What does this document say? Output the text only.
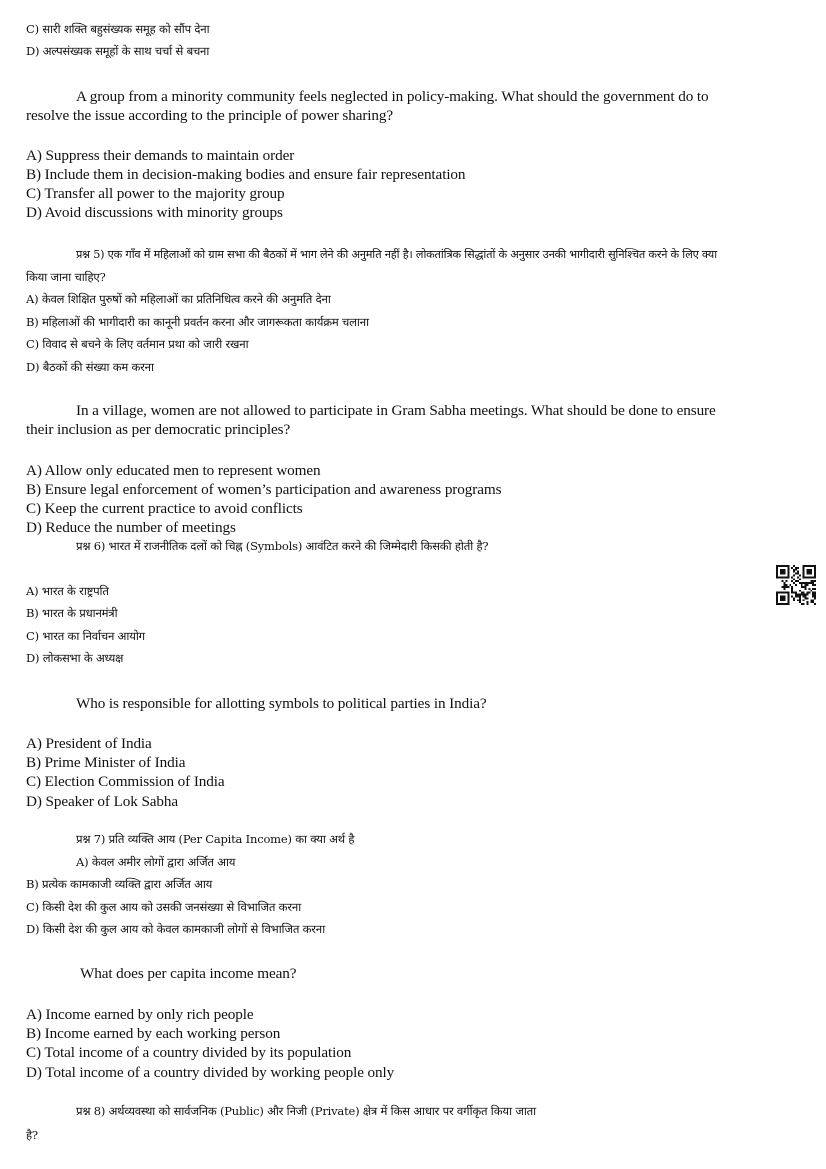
C) सारी शक्ति बहुसंख्यक समूह को सौंप देना
D) अल्पसंख्यक समूहों के साथ चर्चा से बचना
A group from a minority community feels neglected in policy-making. What should the government do to
resolve the issue according to the principle of power sharing?
A) Suppress their demands to maintain order
B) Include them in decision-making bodies and ensure fair representation
C) Transfer all power to the majority group
D) Avoid discussions with minority groups
प्रश्न 5) एक गाँव में महिलाओं को ग्राम सभा की बैठकों में भाग लेने की अनुमति नहीं है। लोकतांत्रिक सिद्धांतों के अनुसार उनकी भागीदारी सुनिश्चित करने के लिए क्या
किया जाना चाहिए?
A) केवल शिक्षित पुरुषों को महिलाओं का प्रतिनिधित्व करने की अनुमति देना
B) महिलाओं की भागीदारी का कानूनी प्रवर्तन करना और जागरूकता कार्यक्रम चलाना
C) विवाद से बचने के लिए वर्तमान प्रथा को जारी रखना
D) बैठकों की संख्या कम करना
In a village, women are not allowed to participate in Gram Sabha meetings. What should be done to ensure
their inclusion as per democratic principles?
A) Allow only educated men to represent women
B) Ensure legal enforcement of women’s participation and awareness programs
C) Keep the current practice to avoid conflicts
D) Reduce the number of meetings
प्रश्न 6) भारत में राजनीतिक दलों को चिह्न (Symbols) आवंटित करने की जिम्मेदारी किसकी होती है?
A) भारत के राष्ट्रपति
B) भारत के प्रधानमंत्री
C) भारत का निर्वाचन आयोग
D) लोकसभा के अध्यक्ष
Who is responsible for allotting symbols to political parties in India?
A) President of India
B) Prime Minister of India
C) Election Commission of India
D) Speaker of Lok Sabha
प्रश्न 7) प्रति व्यक्ति आय (Per Capita Income) का क्या अर्थ है
A) केवल अमीर लोगों द्वारा अर्जित आय
B) प्रत्येक कामकाजी व्यक्ति द्वारा अर्जित आय
C) किसी देश की कुल आय को उसकी जनसंख्या से विभाजित करना
D) किसी देश की कुल आय को केवल कामकाजी लोगों से विभाजित करना
What does per capita income mean?
A) Income earned by only rich people
B) Income earned by each working person
C) Total income of a country divided by its population
D) Total income of a country divided by working people only
प्रश्न 8) अर्थव्यवस्था को सार्वजनिक (Public) और निजी (Private) क्षेत्र में किस आधार पर वर्गीकृत किया जाता
है?
